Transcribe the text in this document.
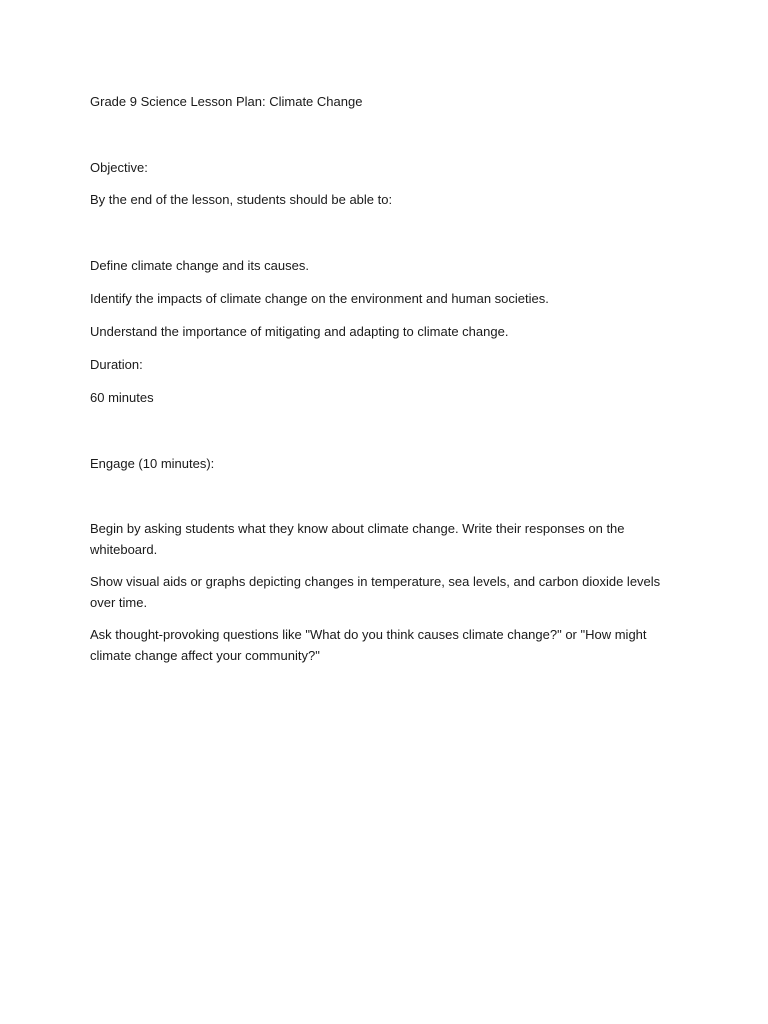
Grade 9 Science Lesson Plan: Climate Change
Objective:
By the end of the lesson, students should be able to:
Define climate change and its causes.
Identify the impacts of climate change on the environment and human societies.
Understand the importance of mitigating and adapting to climate change.
Duration:
60 minutes
Engage (10 minutes):
Begin by asking students what they know about climate change. Write their responses on the whiteboard.
Show visual aids or graphs depicting changes in temperature, sea levels, and carbon dioxide levels over time.
Ask thought-provoking questions like "What do you think causes climate change?" or "How might climate change affect your community?"
